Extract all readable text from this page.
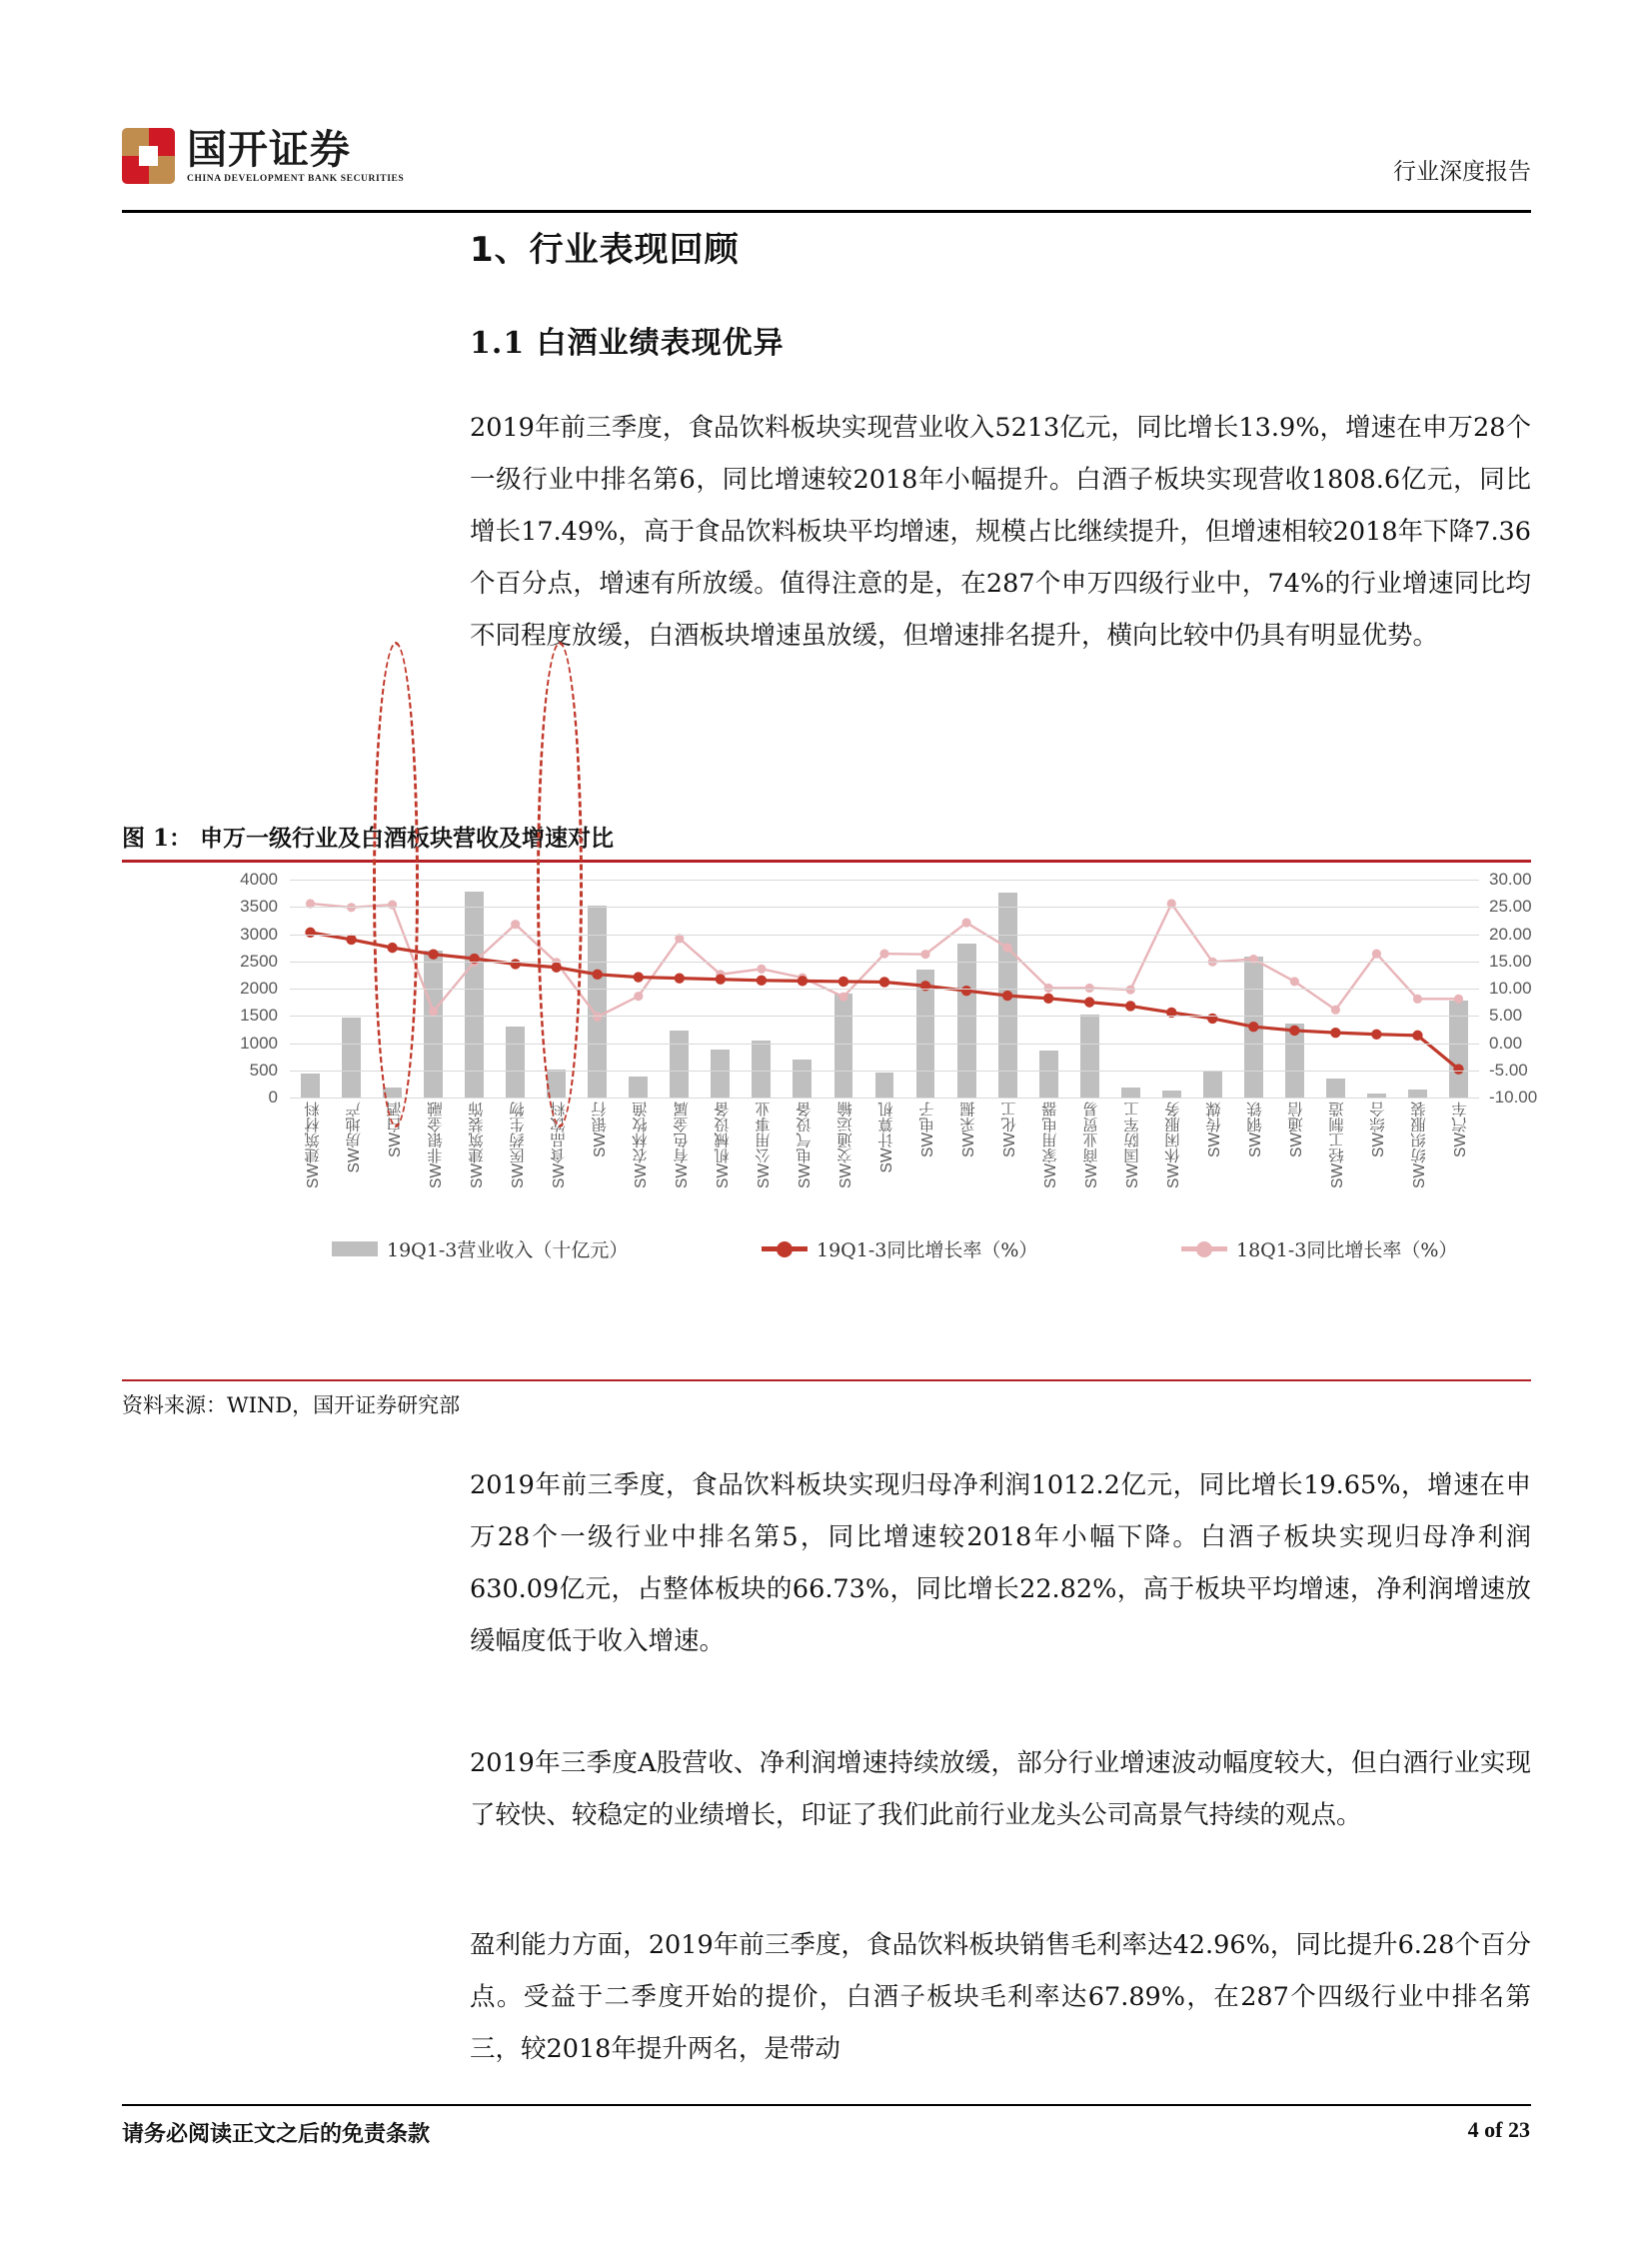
国开证券
CHINA DEVELOPMENT BANK SECURITIES	行业深度报告
1、行业表现回顾
1.1 白酒业绩表现优异
2019年前三季度，食品饮料板块实现营业收入5213亿元，同比增长13.9%，增速在申万28个一级行业中排名第6，同比增速较2018年小幅提升。白酒子板块实现营收1808.6亿元，同比增长17.49%，高于食品饮料板块平均增速，规模占比继续提升，但增速相较2018年下降7.36个百分点，增速有所放缓。值得注意的是，在287个申万四级行业中，74%的行业增速同比均不同程度放缓，白酒板块增速虽放缓，但增速排名提升，横向比较中仍具有明显优势。
图 1： 申万一级行业及白酒板块营收及增速对比
4000
3500
3000
2500
2000
1500
1000
500
0
30.00
25.00
20.00
15.00
10.00
5.00
0.00
-5.00
-10.00
SW建筑材料 SW房地产 SW白酒 SW非银金融 SW建筑装饰 SW医药生物 SW食品饮料 SW银行 SW农林牧渔 SW有色金属 SW机械设备 SW公用事业 SW电气设备 SW交通运输 SW计算机 SW电子 SW采掘 SW化工 SW家用电器 SW商业贸易 SW国防军工 SW休闲服务 SW传媒 SW钢铁 SW通信 SW轻工制造 SW综合 SW纺织服装 SW汽车
19Q1-3营业收入（十亿元）	19Q1-3同比增长率（%）	18Q1-3同比增长率（%）
资料来源：WIND，国开证券研究部
2019年前三季度，食品饮料板块实现归母净利润1012.2亿元，同比增长19.65%，增速在申万28个一级行业中排名第5，同比增速较2018年小幅下降。白酒子板块实现归母净利润630.09亿元，占整体板块的66.73%，同比增长22.82%，高于板块平均增速，净利润增速放缓幅度低于收入增速。
2019年三季度A股营收、净利润增速持续放缓，部分行业增速波动幅度较大，但白酒行业实现了较快、较稳定的业绩增长，印证了我们此前行业龙头公司高景气持续的观点。
盈利能力方面，2019年前三季度，食品饮料板块销售毛利率达42.96%，同比提升6.28个百分点。受益于二季度开始的提价，白酒子板块毛利率达67.89%，在287个四级行业中排名第三，较2018年提升两名，是带动
请务必阅读正文之后的免责条款	4 of 23
